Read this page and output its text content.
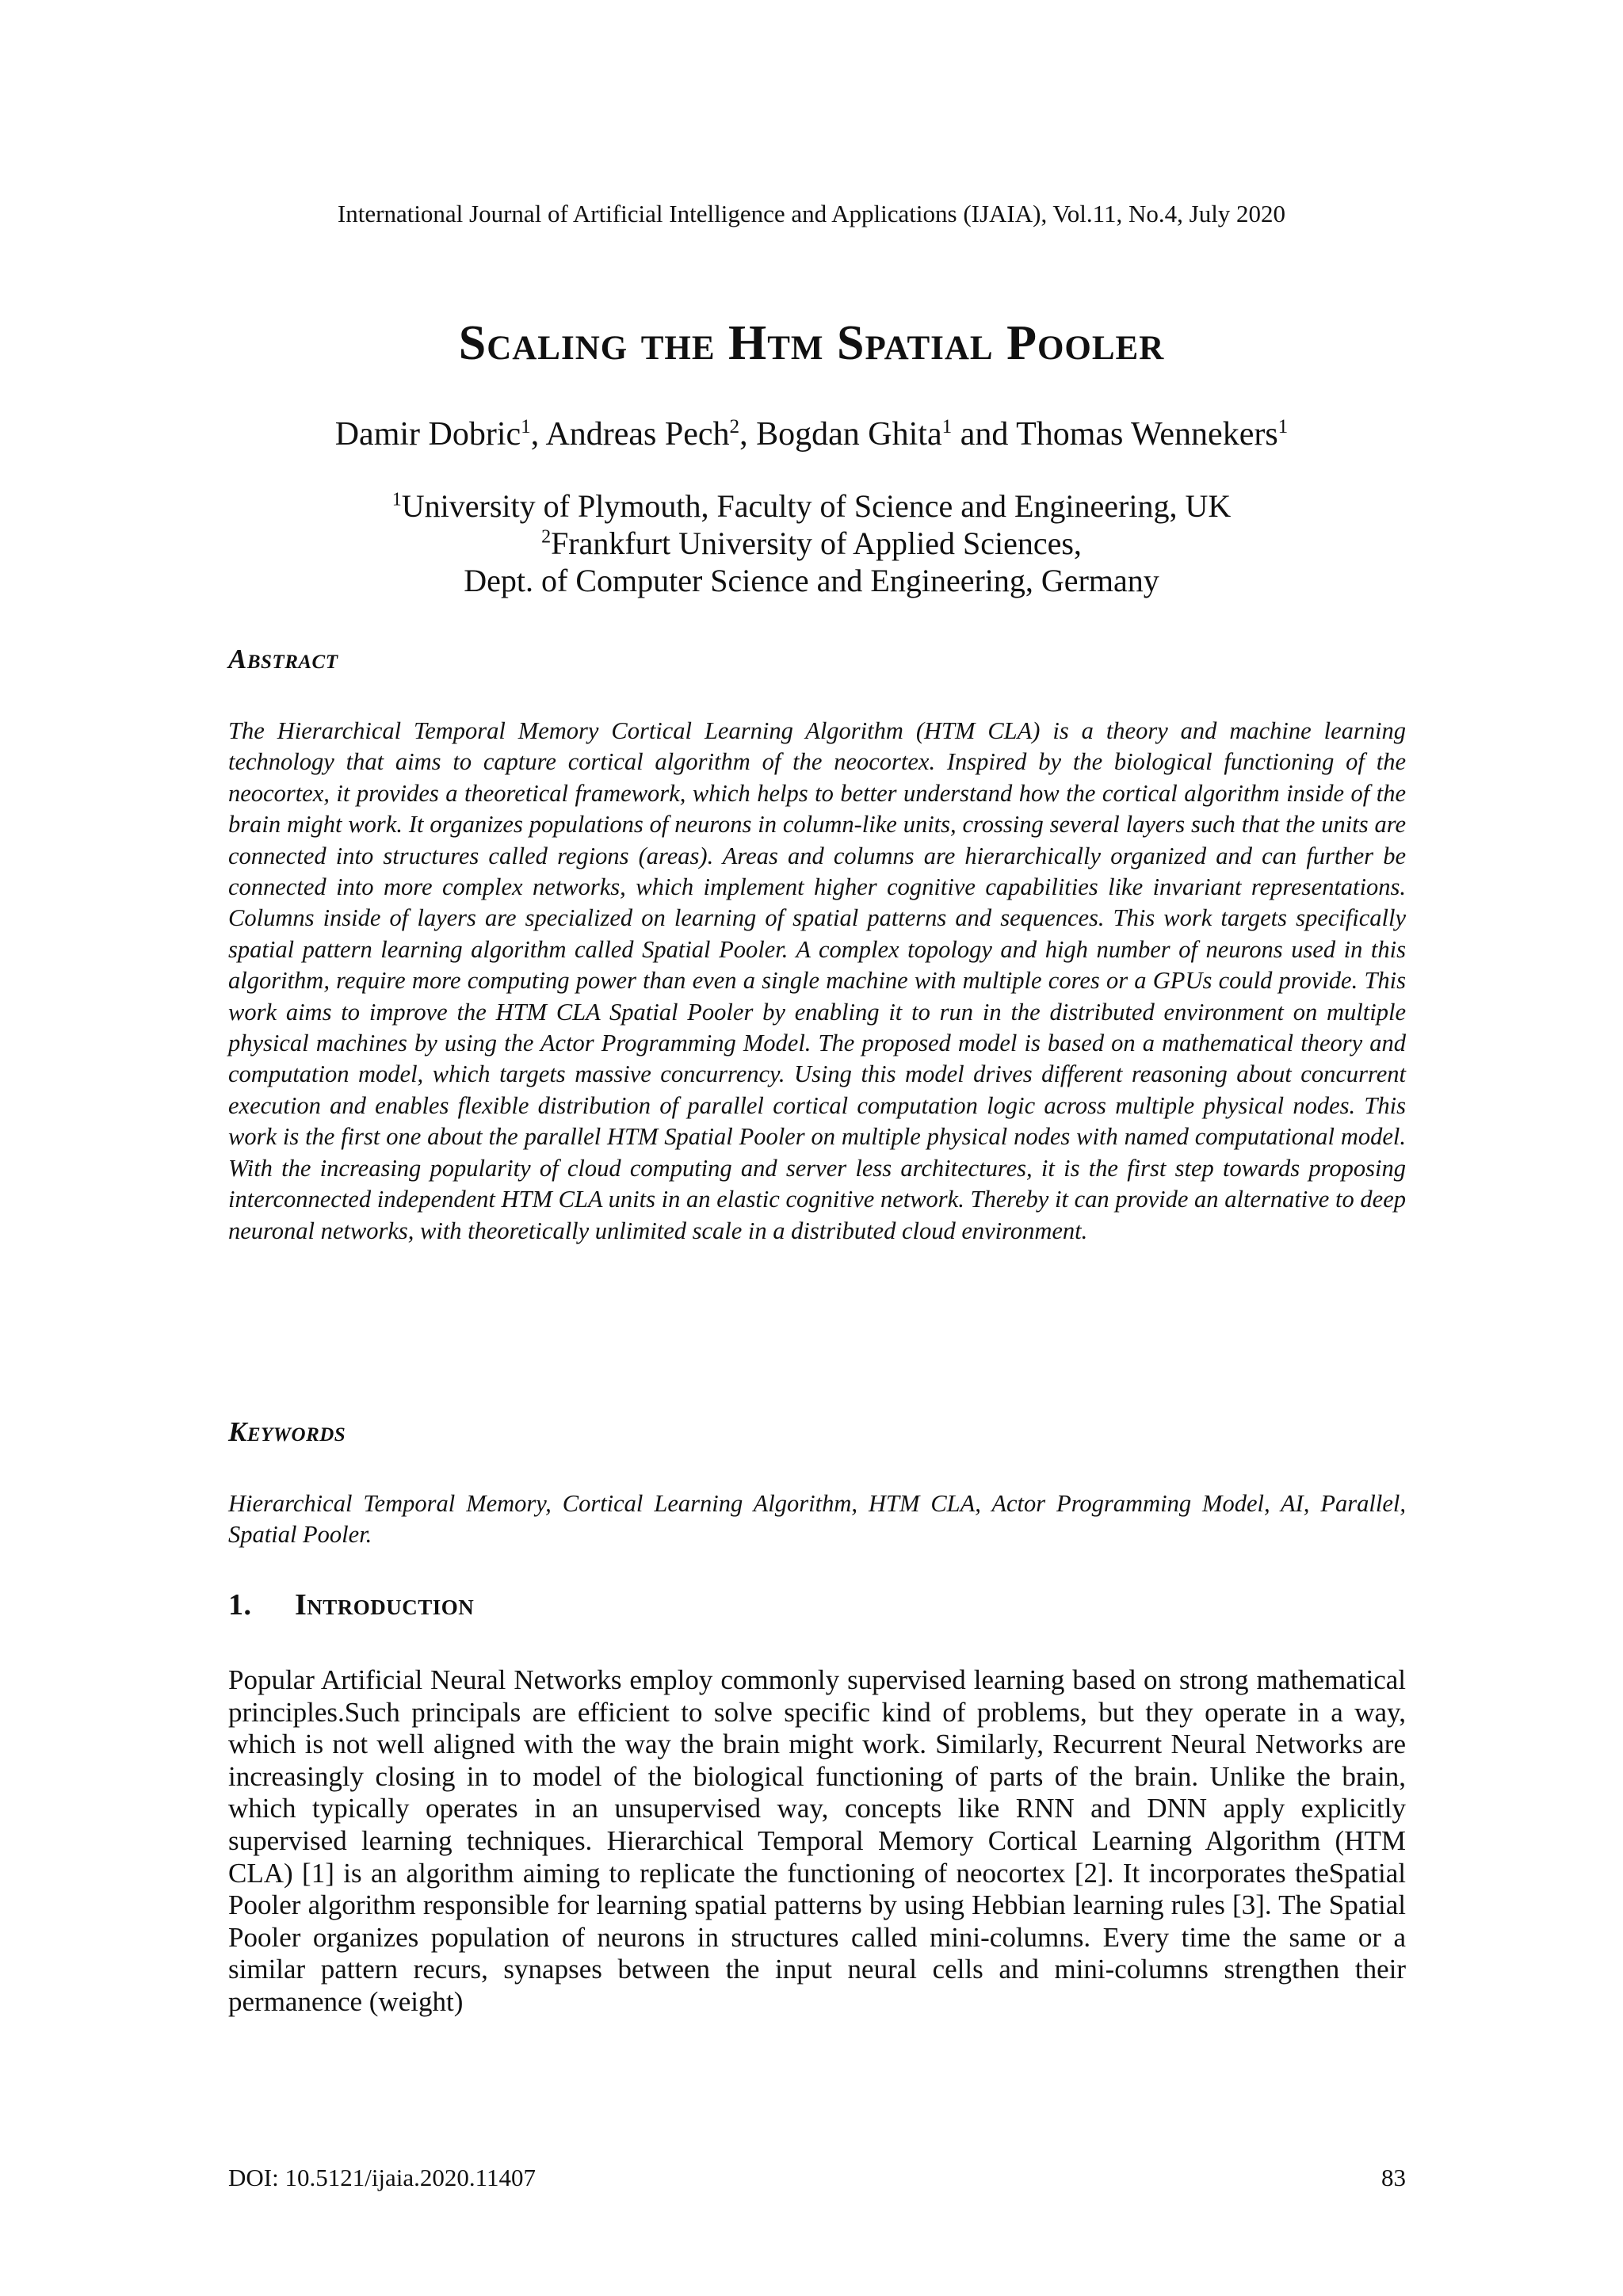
International Journal of Artificial Intelligence and Applications (IJAIA), Vol.11, No.4, July 2020
Scaling the Htm Spatial Pooler
Damir Dobric$^1$, Andreas Pech$^2$, Bogdan Ghita$^1$ and Thomas Wennekers$^1$
$^1$University of Plymouth, Faculty of Science and Engineering, UK
$^2$Frankfurt University of Applied Sciences,
Dept. of Computer Science and Engineering, Germany
Abstract
The Hierarchical Temporal Memory Cortical Learning Algorithm (HTM CLA) is a theory and machine learning technology that aims to capture cortical algorithm of the neocortex. Inspired by the biological functioning of the neocortex, it provides a theoretical framework, which helps to better understand how the cortical algorithm inside of the brain might work. It organizes populations of neurons in column-like units, crossing several layers such that the units are connected into structures called regions (areas). Areas and columns are hierarchically organized and can further be connected into more complex networks, which implement higher cognitive capabilities like invariant representations. Columns inside of layers are specialized on learning of spatial patterns and sequences. This work targets specifically spatial pattern learning algorithm called Spatial Pooler. A complex topology and high number of neurons used in this algorithm, require more computing power than even a single machine with multiple cores or a GPUs could provide. This work aims to improve the HTM CLA Spatial Pooler by enabling it to run in the distributed environment on multiple physical machines by using the Actor Programming Model. The proposed model is based on a mathematical theory and computation model, which targets massive concurrency. Using this model drives different reasoning about concurrent execution and enables flexible distribution of parallel cortical computation logic across multiple physical nodes. This work is the first one about the parallel HTM Spatial Pooler on multiple physical nodes with named computational model. With the increasing popularity of cloud computing and server less architectures, it is the first step towards proposing interconnected independent HTM CLA units in an elastic cognitive network. Thereby it can provide an alternative to deep neuronal networks, with theoretically unlimited scale in a distributed cloud environment.
Keywords
Hierarchical Temporal Memory, Cortical Learning Algorithm, HTM CLA, Actor Programming Model, AI, Parallel, Spatial Pooler.
1. Introduction
Popular Artificial Neural Networks employ commonly supervised learning based on strong mathematical principles.Such principals are efficient to solve specific kind of problems, but they operate in a way, which is not well aligned with the way the brain might work. Similarly, Recurrent Neural Networks are increasingly closing in to model of the biological functioning of parts of the brain. Unlike the brain, which typically operates in an unsupervised way, concepts like RNN and DNN apply explicitly supervised learning techniques. Hierarchical Temporal Memory Cortical Learning Algorithm (HTM CLA) [1] is an algorithm aiming to replicate the functioning of neocortex [2]. It incorporates theSpatial Pooler algorithm responsible for learning spatial patterns by using Hebbian learning rules [3]. The Spatial Pooler organizes population of neurons in structures called mini-columns. Every time the same or a similar pattern recurs, synapses between the input neural cells and mini-columns strengthen their permanence (weight)
DOI: 10.5121/ijaia.2020.11407	83
